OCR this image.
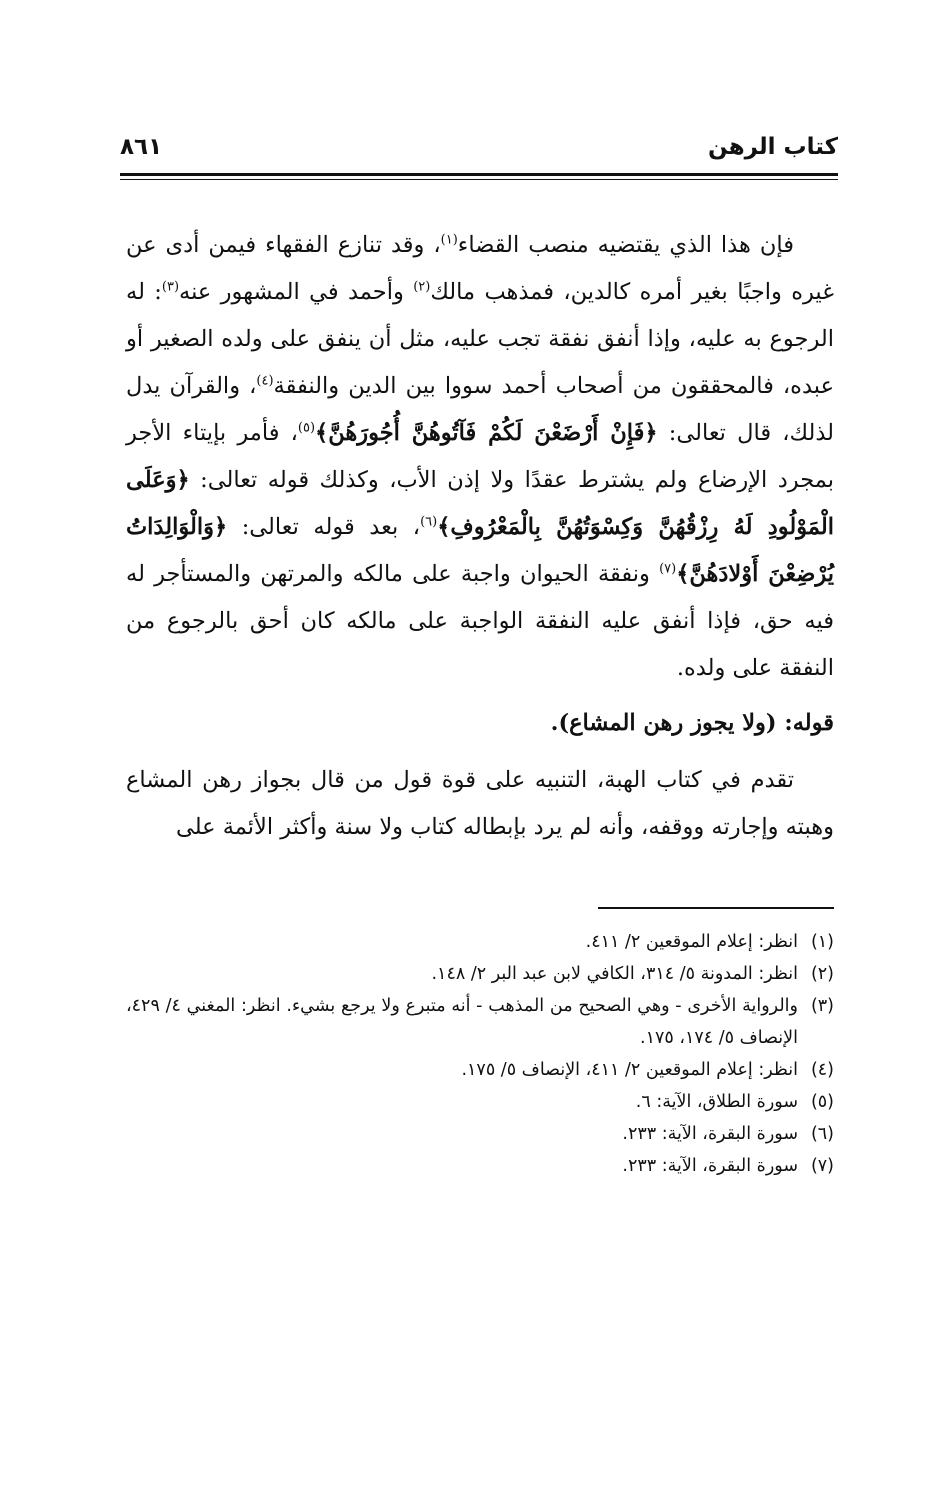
كتاب الرهن
٨٦١

فإن هذا الذي يقتضيه منصب القضاء$^{(١)}$، وقد تنازع الفقهاء فيمن أدى عن غيره واجبًا بغير أمره كالدين، فمذهب مالك$^{(٢)}$ وأحمد في المشهور عنه$^{(٣)}$: له الرجوع به عليه، وإذا أنفق نفقة تجب عليه، مثل أن ينفق على ولده الصغير أو عبده، فالمحققون من أصحاب أحمد سووا بين الدين والنفقة$^{(٤)}$، والقرآن يدل لذلك، قال تعالى: ﴿فَإِنْ أَرْضَعْنَ لَكُمْ فَآتُوهُنَّ أُجُورَهُنَّ﴾$^{(٥)}$، فأمر بإيتاء الأجر بمجرد الإرضاع ولم يشترط عقدًا ولا إذن الأب، وكذلك قوله تعالى: ﴿وَعَلَى الْمَوْلُودِ لَهُ رِزْقُهُنَّ وَكِسْوَتُهُنَّ بِالْمَعْرُوفِ﴾$^{(٦)}$، بعد قوله تعالى: ﴿وَالْوَالِدَاتُ يُرْضِعْنَ أَوْلادَهُنَّ﴾$^{(٧)}$ ونفقة الحيوان واجبة على مالكه والمرتهن والمستأجر له فيه حق، فإذا أنفق عليه النفقة الواجبة على مالكه كان أحق بالرجوع من النفقة على ولده.

قوله: (ولا يجوز رهن المشاع).

تقدم في كتاب الهبة، التنبيه على قوة قول من قال بجواز رهن المشاع وهبته وإجارته ووقفه، وأنه لم يرد بإبطاله كتاب ولا سنة وأكثر الأئمة على

(١)
انظر: إعلام الموقعين ٢/ ٤١١.
(٢)
انظر: المدونة ٥/ ٣١٤، الكافي لابن عبد البر ٢/ ١٤٨.
(٣)
والرواية الأخرى - وهي الصحيح من المذهب - أنه متبرع ولا يرجع بشيء. انظر: المغني ٤/ ٤٢٩، الإنصاف ٥/ ١٧٤، ١٧٥.
(٤)
انظر: إعلام الموقعين ٢/ ٤١١، الإنصاف ٥/ ١٧٥.
(٥)
سورة الطلاق، الآية: ٦.
(٦)
سورة البقرة، الآية: ٢٣٣.
(٧)
سورة البقرة، الآية: ٢٣٣.
